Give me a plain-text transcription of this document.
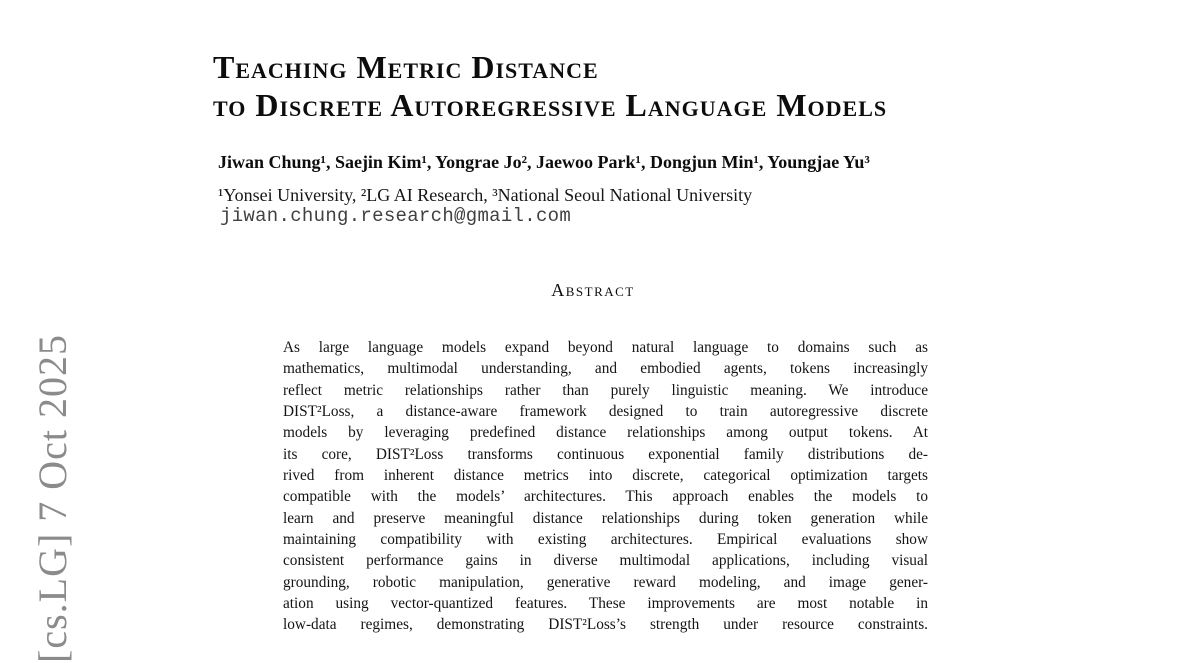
[cs.LG] 7 Oct 2025
Teaching Metric Distance
to Discrete Autoregressive Language Models
Jiwan Chung¹, Saejin Kim¹, Yongrae Jo², Jaewoo Park¹, Dongjun Min¹, Youngjae Yu³
¹Yonsei University, ²LG AI Research, ³National Seoul National University
jiwan.chung.research@gmail.com
Abstract

As large language models expand beyond natural language to domains such as
mathematics, multimodal understanding, and embodied agents, tokens increasingly
reflect metric relationships rather than purely linguistic meaning. We introduce
DIST²Loss, a distance-aware framework designed to train autoregressive discrete
models by leveraging predefined distance relationships among output tokens. At
its core, DIST²Loss transforms continuous exponential family distributions de-
rived from inherent distance metrics into discrete, categorical optimization targets
compatible with the models’ architectures. This approach enables the models to
learn and preserve meaningful distance relationships during token generation while
maintaining compatibility with existing architectures. Empirical evaluations show
consistent performance gains in diverse multimodal applications, including visual
grounding, robotic manipulation, generative reward modeling, and image gener-
ation using vector-quantized features. These improvements are most notable in
low-data regimes, demonstrating DIST²Loss’s strength under resource constraints.
